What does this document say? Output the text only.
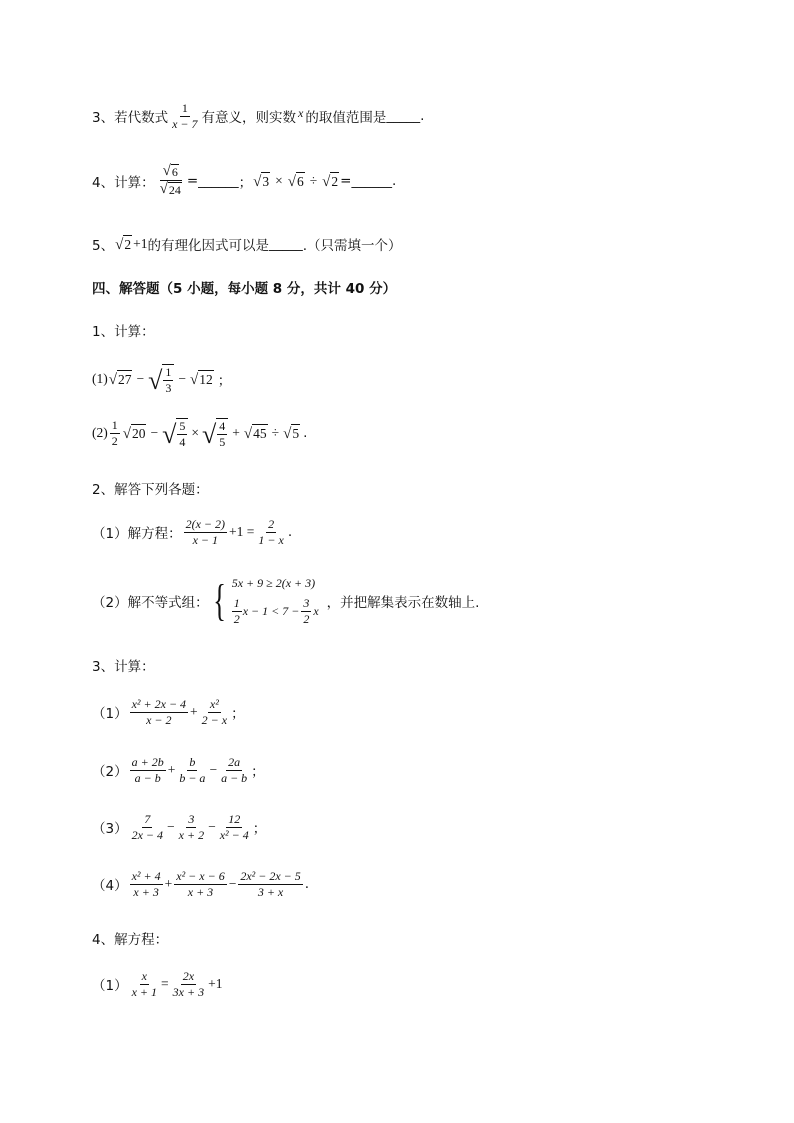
3、 若代数式 $\frac{1}{x - 7}$ 有意义，则实数 x 的取值范围是 _____ .
4、 计算： $\frac{√ 6}{√ 24}$ =______ ； √ 3 × √ 6 ÷ √ 2 =______.
5、 √ 2 +1 的有理化因式可以是 _____ .（只需填一个）
四、解答题（5 小题，每小题 8 分，共计 40 分）
1、计算：
(1) √ 27 − √ $\frac{1}{3}$ − √ 12 ；
$(2) \frac{1}{2}$ √ 20 − √ $\frac{5}{4}$ × √ $\frac{4}{5}$ + √ 45 ÷ √ 5 .
2、解答下列各题：
（1）解方程： $\frac{2(x - 2)}{x - 1} +1 = \frac{2}{1 - x}$ .
（2）解不等式组： { 5x + 9 ≥ 2(x + 3)
$\frac{1}{2}$ $x - 1 < 7 - \frac{3}{2}$ x ，并把解集表示在数轴上.
3、计算：
$(1) \frac{\text{x² + 2x − 4}}{x - 2} + \frac{\text{x²}}{2 - x}$ ；
$(2) \frac{a + 2b}{a - b} + \frac{b}{b - a} - \frac{2a}{a - b}$ ；
$(3) \frac{7}{2x - 4} - \frac{3}{x + 2} - \frac{12}{\text{x² − 4}}$ ；
$(4) \frac{\text{x² + 4}}{x + 3} + \frac{\text{x² − x − 6}}{x + 3} - \frac{\text{2x² − 2x − 5}}{3 + x}$ .
4、解方程：
$(1) \frac{x}{x + 1} = \frac{2x}{3x + 3} +1$
